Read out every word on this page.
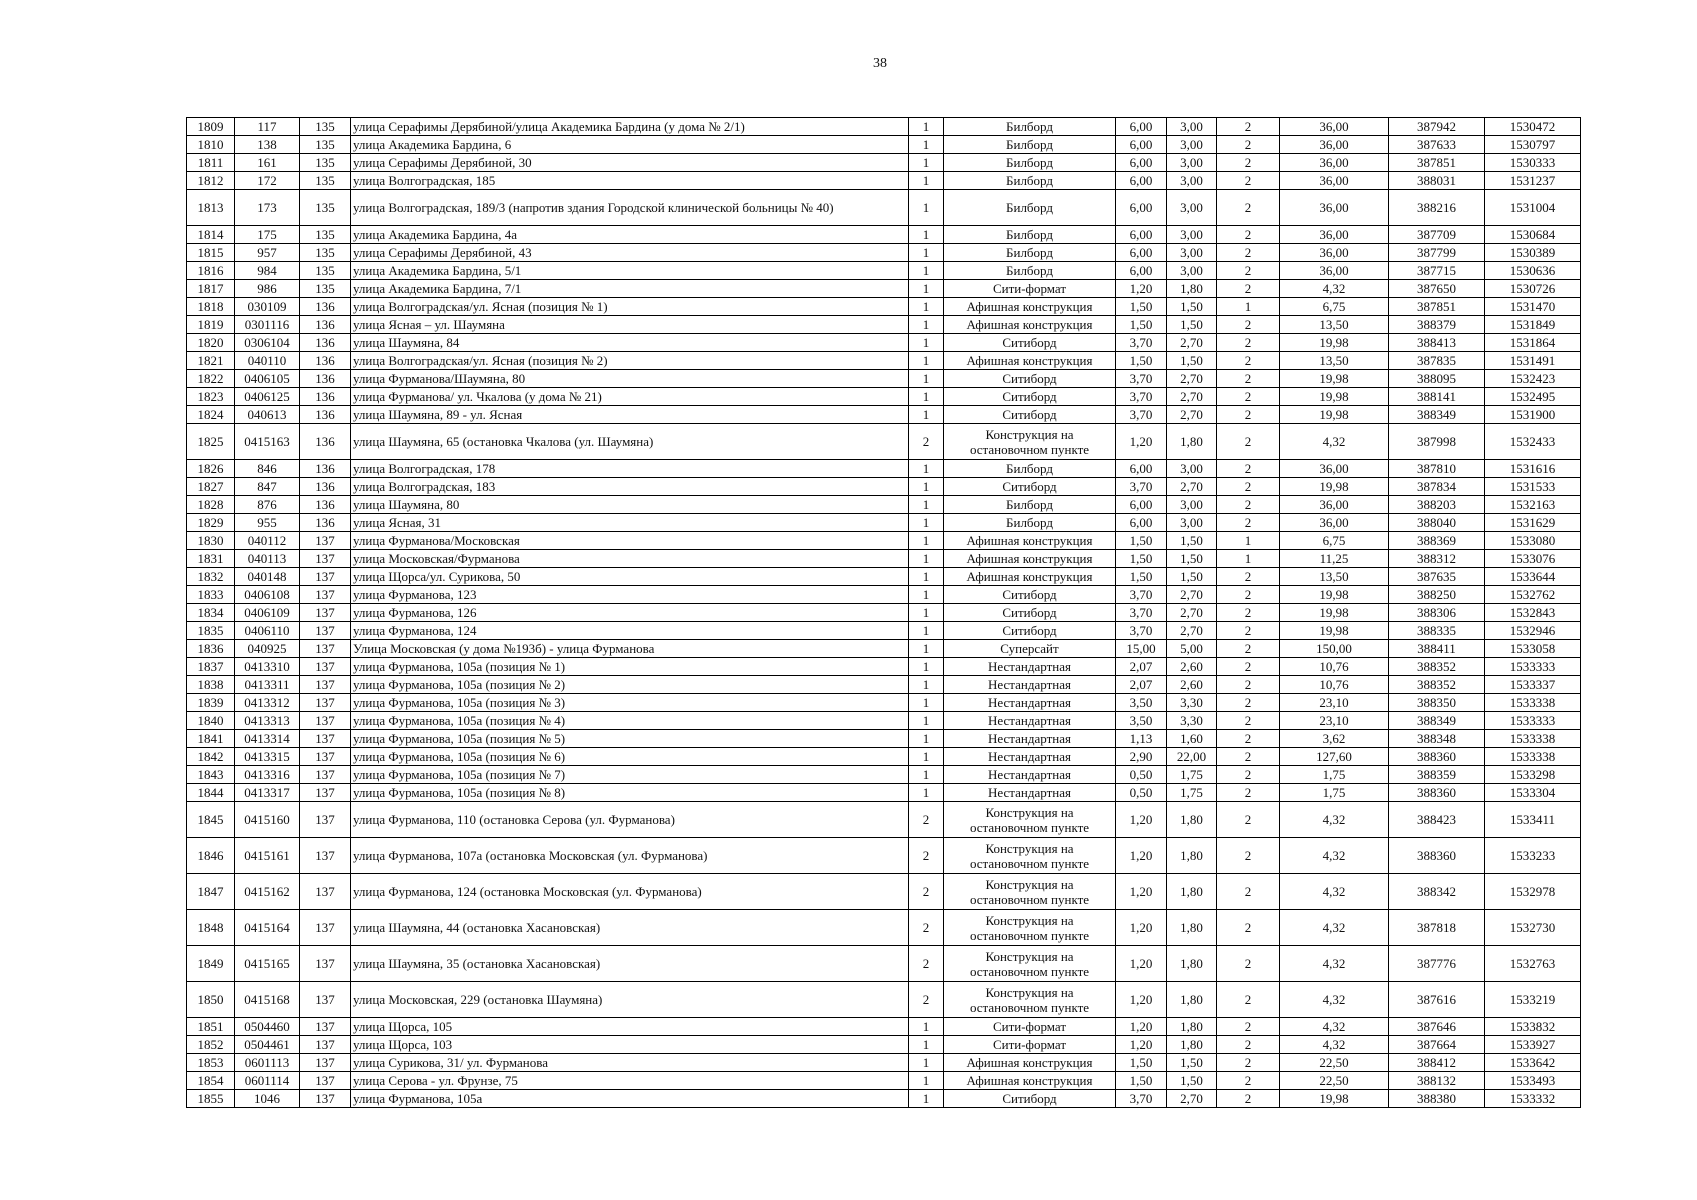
38
1809	117	135	улица Серафимы Дерябиной/улица Академика Бардина (у дома № 2/1)	1	Билборд	6,00	3,00	2	36,00	387942	1530472
1810	138	135	улица Академика Бардина, 6	1	Билборд	6,00	3,00	2	36,00	387633	1530797
1811	161	135	улица Серафимы Дерябиной, 30	1	Билборд	6,00	3,00	2	36,00	387851	1530333
1812	172	135	улица Волгоградская, 185	1	Билборд	6,00	3,00	2	36,00	388031	1531237
1813	173	135	улица Волгоградская, 189/3 (напротив здания Городской клинической больницы № 40)	1	Билборд	6,00	3,00	2	36,00	388216	1531004
1814	175	135	улица Академика Бардина, 4а	1	Билборд	6,00	3,00	2	36,00	387709	1530684
1815	957	135	улица Серафимы Дерябиной, 43	1	Билборд	6,00	3,00	2	36,00	387799	1530389
1816	984	135	улица Академика Бардина, 5/1	1	Билборд	6,00	3,00	2	36,00	387715	1530636
1817	986	135	улица Академика Бардина, 7/1	1	Сити-формат	1,20	1,80	2	4,32	387650	1530726
1818	030109	136	улица Волгоградская/ул. Ясная (позиция № 1)	1	Афишная конструкция	1,50	1,50	1	6,75	387851	1531470
1819	0301116	136	улица Ясная – ул. Шаумяна	1	Афишная конструкция	1,50	1,50	2	13,50	388379	1531849
1820	0306104	136	улица Шаумяна, 84	1	Ситиборд	3,70	2,70	2	19,98	388413	1531864
1821	040110	136	улица Волгоградская/ул. Ясная (позиция № 2)	1	Афишная конструкция	1,50	1,50	2	13,50	387835	1531491
1822	0406105	136	улица Фурманова/Шаумяна, 80	1	Ситиборд	3,70	2,70	2	19,98	388095	1532423
1823	0406125	136	улица Фурманова/ ул. Чкалова (у дома № 21)	1	Ситиборд	3,70	2,70	2	19,98	388141	1532495
1824	040613	136	улица Шаумяна, 89 - ул. Ясная	1	Ситиборд	3,70	2,70	2	19,98	388349	1531900
1825	0415163	136	улица Шаумяна, 65 (остановка Чкалова (ул. Шаумяна)	2	Конструкция на остановочном пункте	1,20	1,80	2	4,32	387998	1532433
1826	846	136	улица Волгоградская, 178	1	Билборд	6,00	3,00	2	36,00	387810	1531616
1827	847	136	улица Волгоградская, 183	1	Ситиборд	3,70	2,70	2	19,98	387834	1531533
1828	876	136	улица Шаумяна, 80	1	Билборд	6,00	3,00	2	36,00	388203	1532163
1829	955	136	улица Ясная, 31	1	Билборд	6,00	3,00	2	36,00	388040	1531629
1830	040112	137	улица Фурманова/Московская	1	Афишная конструкция	1,50	1,50	1	6,75	388369	1533080
1831	040113	137	улица Московская/Фурманова	1	Афишная конструкция	1,50	1,50	1	11,25	388312	1533076
1832	040148	137	улица Щорса/ул. Сурикова, 50	1	Афишная конструкция	1,50	1,50	2	13,50	387635	1533644
1833	0406108	137	улица Фурманова, 123	1	Ситиборд	3,70	2,70	2	19,98	388250	1532762
1834	0406109	137	улица Фурманова, 126	1	Ситиборд	3,70	2,70	2	19,98	388306	1532843
1835	0406110	137	улица Фурманова, 124	1	Ситиборд	3,70	2,70	2	19,98	388335	1532946
1836	040925	137	Улица Московская (у дома №193б) - улица Фурманова	1	Суперсайт	15,00	5,00	2	150,00	388411	1533058
1837	0413310	137	улица Фурманова, 105а (позиция № 1)	1	Нестандартная	2,07	2,60	2	10,76	388352	1533333
1838	0413311	137	улица Фурманова, 105а (позиция № 2)	1	Нестандартная	2,07	2,60	2	10,76	388352	1533337
1839	0413312	137	улица Фурманова, 105а (позиция № 3)	1	Нестандартная	3,50	3,30	2	23,10	388350	1533338
1840	0413313	137	улица Фурманова, 105а (позиция № 4)	1	Нестандартная	3,50	3,30	2	23,10	388349	1533333
1841	0413314	137	улица Фурманова, 105а (позиция № 5)	1	Нестандартная	1,13	1,60	2	3,62	388348	1533338
1842	0413315	137	улица Фурманова, 105а (позиция № 6)	1	Нестандартная	2,90	22,00	2	127,60	388360	1533338
1843	0413316	137	улица Фурманова, 105а (позиция № 7)	1	Нестандартная	0,50	1,75	2	1,75	388359	1533298
1844	0413317	137	улица Фурманова, 105а (позиция № 8)	1	Нестандартная	0,50	1,75	2	1,75	388360	1533304
1845	0415160	137	улица Фурманова, 110 (остановка Серова (ул. Фурманова)	2	Конструкция на остановочном пункте	1,20	1,80	2	4,32	388423	1533411
1846	0415161	137	улица Фурманова, 107а (остановка Московская (ул. Фурманова)	2	Конструкция на остановочном пункте	1,20	1,80	2	4,32	388360	1533233
1847	0415162	137	улица Фурманова, 124 (остановка Московская (ул. Фурманова)	2	Конструкция на остановочном пункте	1,20	1,80	2	4,32	388342	1532978
1848	0415164	137	улица Шаумяна, 44 (остановка Хасановская)	2	Конструкция на остановочном пункте	1,20	1,80	2	4,32	387818	1532730
1849	0415165	137	улица Шаумяна, 35 (остановка Хасановская)	2	Конструкция на остановочном пункте	1,20	1,80	2	4,32	387776	1532763
1850	0415168	137	улица Московская, 229 (остановка Шаумяна)	2	Конструкция на остановочном пункте	1,20	1,80	2	4,32	387616	1533219
1851	0504460	137	улица Щорса, 105	1	Сити-формат	1,20	1,80	2	4,32	387646	1533832
1852	0504461	137	улица Щорса, 103	1	Сити-формат	1,20	1,80	2	4,32	387664	1533927
1853	0601113	137	улица Сурикова, 31/ ул. Фурманова	1	Афишная конструкция	1,50	1,50	2	22,50	388412	1533642
1854	0601114	137	улица Серова - ул. Фрунзе, 75	1	Афишная конструкция	1,50	1,50	2	22,50	388132	1533493
1855	1046	137	улица Фурманова, 105а	1	Ситиборд	3,70	2,70	2	19,98	388380	1533332
